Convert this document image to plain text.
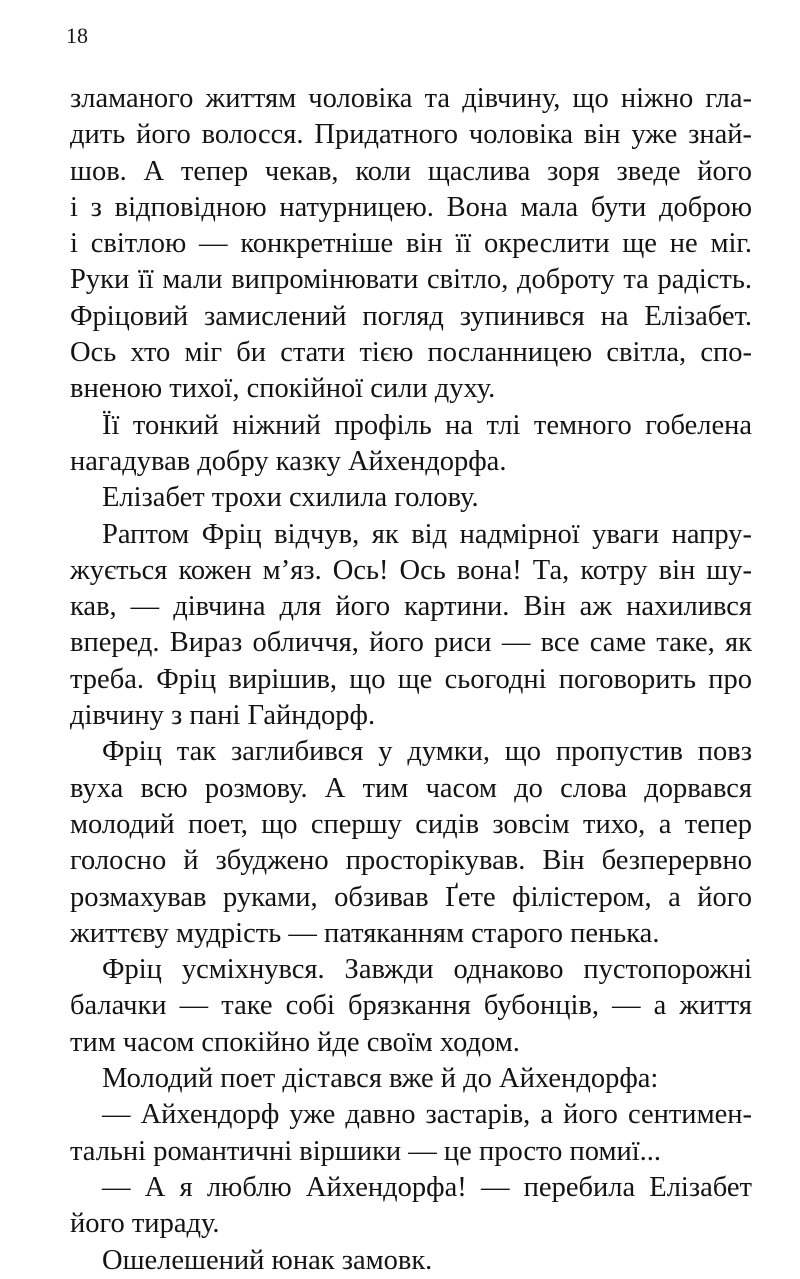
18
зламаного життям чоловіка та дівчину, що ніжно гла-
дить його волосся. Придатного чоловіка він уже знай-
шов. А тепер чекав, коли щаслива зоря зведе його
і з відповідною натурницею. Вона мала бути доброю
і світлою — конкретніше він її окреслити ще не міг.
Руки її мали випромінювати світло, доброту та радість.
Фріцовий замислений погляд зупинився на Елізабет.
Ось хто міг би стати тією посланницею світла, спо-
вненою тихої, спокійної сили духу.
Її тонкий ніжний профіль на тлі темного гобелена
нагадував добру казку Айхендорфа.
Елізабет трохи схилила голову.
Раптом Фріц відчув, як від надмірної уваги напру-
жується кожен м’яз. Ось! Ось вона! Та, котру він шу-
кав, — дівчина для його картини. Він аж нахилився
вперед. Вираз обличчя, його риси — все саме таке, як
треба. Фріц вирішив, що ще сьогодні поговорить про
дівчину з пані Гайндорф.
Фріц так заглибився у думки, що пропустив повз
вуха всю розмову. А тим часом до слова дорвався
молодий поет, що спершу сидів зовсім тихо, а тепер
голосно й збуджено просторікував. Він безперервно
розмахував руками, обзивав Ґете філістером, а його
життєву мудрість — патяканням старого пенька.
Фріц усміхнувся. Завжди однаково пустопорожні
балачки — таке собі брязкання бубонців, — а життя
тим часом спокійно йде своїм ходом.
Молодий поет дістався вже й до Айхендорфа:
— Айхендорф уже давно застарів, а його сентимен-
тальні романтичні віршики — це просто помиї...
— А я люблю Айхендорфа! — перебила Елізабет
його тираду.
Ошелешений юнак замовк.
